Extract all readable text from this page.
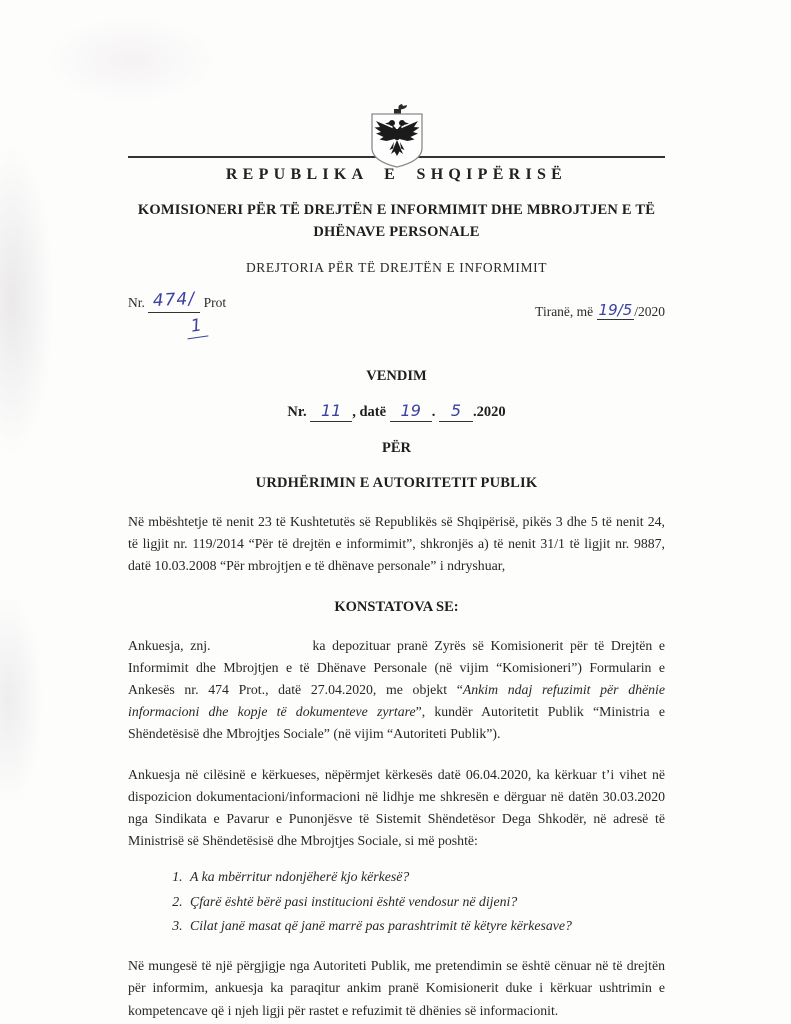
REPUBLIKA E SHQIPËRISË
KOMISIONERI PËR TË DREJTËN E INFORMIMIT DHE MBROJTJEN E TË
DHËNAVE PERSONALE
DREJTORIA PËR TË DREJTËN E INFORMIMIT
Nr. 474/ Prot
1
Tiranë, më 19/5 /2020
VENDIM
Nr. 11 , datë 19 . 5 .2020
PËR
URDHËRIMIN E AUTORITETIT PUBLIK

Në mbështetje të nenit 23 të Kushtetutës së Republikës së Shqipërisë, pikës 3 dhe 5 të nenit 24, të ligjit nr. 119/2014 “Për të drejtën e informimit”, shkronjës a) të nenit 31/1 të ligjit nr. 9887, datë 10.03.2008 “Për mbrojtjen e të dhënave personale” i ndryshuar,

KONSTATOVA SE:

Ankuesja, znj.	ka depozituar pranë Zyrës së Komisionerit për të Drejtën e Informimit dhe Mbrojtjen e të Dhënave Personale (në vijim “Komisioneri”) Formularin e Ankesës nr. 474 Prot., datë 27.04.2020, me objekt “Ankim ndaj refuzimit për dhënie informacioni dhe kopje të dokumenteve zyrtare”, kundër Autoritetit Publik “Ministria e Shëndetësisë dhe Mbrojtjes Sociale” (në vijim “Autoriteti Publik”).

Ankuesja në cilësinë e kërkueses, nëpërmjet kërkesës datë 06.04.2020, ka kërkuar t’i vihet në dispozicion dokumentacioni/informacioni në lidhje me shkresën e dërguar në datën 30.03.2020 nga Sindikata e Pavarur e Punonjësve të Sistemit Shëndetësor Dega Shkodër, në adresë të Ministrisë së Shëndetësisë dhe Mbrojtjes Sociale, si më poshtë:

1. A ka mbërritur ndonjëherë kjo kërkesë?
2. Çfarë është bërë pasi institucioni është vendosur në dijeni?
3. Cilat janë masat që janë marrë pas parashtrimit të këtyre kërkesave?

Në mungesë të një përgjigje nga Autoriteti Publik, me pretendimin se është cënuar në të drejtën për informim, ankuesja ka paraqitur ankim pranë Komisionerit duke i kërkuar ushtrimin e kompetencave që i njeh ligji për rastet e refuzimit të dhënies së informacionit.
